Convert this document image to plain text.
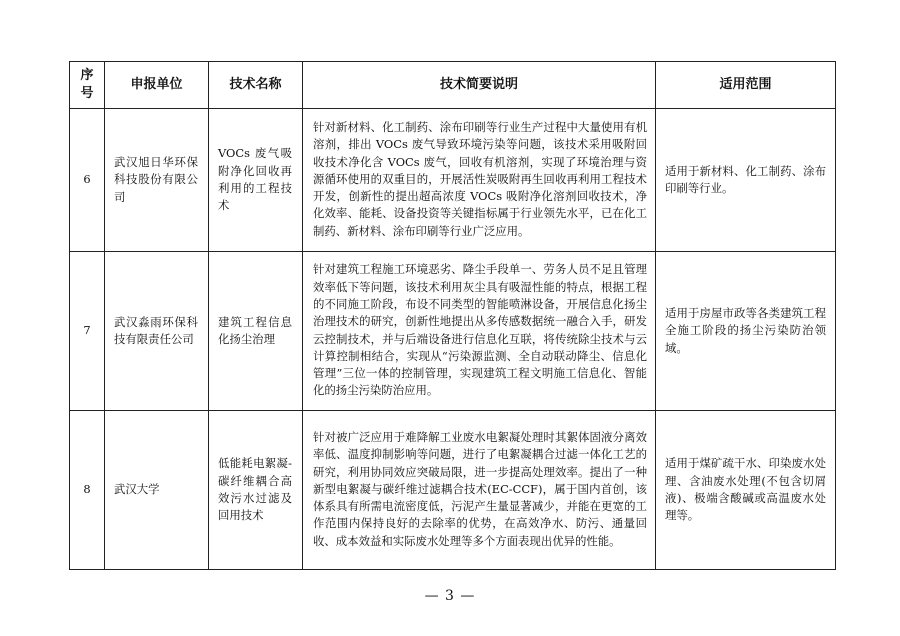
序号	申报单位	技术名称	技术简要说明	适用范围
6	武汉旭日华环保科技股份有限公司	VOCs 废气吸附净化回收再利用的工程技术	针对新材料、化工制药、涂布印刷等行业生产过程中大量使用有机溶剂，排出 VOCs 废气导致环境污染等问题，该技术采用吸附回收技术净化含 VOCs 废气，回收有机溶剂，实现了环境治理与资源循环使用的双重目的，开展活性炭吸附再生回收再利用工程技术开发，创新性的提出超高浓度 VOCs 吸附净化溶剂回收技术，净化效率、能耗、设备投资等关键指标属于行业领先水平，已在化工制药、新材料、涂布印刷等行业广泛应用。	适用于新材料、化工制药、涂布印刷等行业。
7	武汉淼雨环保科技有限责任公司	建筑工程信息化扬尘治理	针对建筑工程施工环境恶劣、降尘手段单一、劳务人员不足且管理效率低下等问题，该技术利用灰尘具有吸湿性能的特点，根据工程的不同施工阶段，布设不同类型的智能喷淋设备，开展信息化扬尘治理技术的研究，创新性地提出从多传感数据统一融合入手，研发云控制技术，并与后端设备进行信息化互联，将传统除尘技术与云计算控制相结合，实现从“污染源监测、全自动联动降尘、信息化管理”三位一体的控制管理，实现建筑工程文明施工信息化、智能化的扬尘污染防治应用。	适用于房屋市政等各类建筑工程全施工阶段的扬尘污染防治领域。
8	武汉大学	低能耗电絮凝-碳纤维耦合高效污水过滤及回用技术	针对被广泛应用于难降解工业废水电絮凝处理时其絮体固液分离效率低、温度抑制影响等问题，进行了电絮凝耦合过滤一体化工艺的研究，利用协同效应突破局限，进一步提高处理效率。提出了一种新型电絮凝与碳纤维过滤耦合技术(EC-CCF)，属于国内首创，该体系具有所需电流密度低，污泥产生量显著减少，并能在更宽的工作范围内保持良好的去除率的优势，在高效净水、防污、通量回收、成本效益和实际废水处理等多个方面表现出优异的性能。	适用于煤矿疏干水、印染废水处理、含油废水处理(不包含切屑液)、极端含酸碱或高温废水处理等。
— 3 —
